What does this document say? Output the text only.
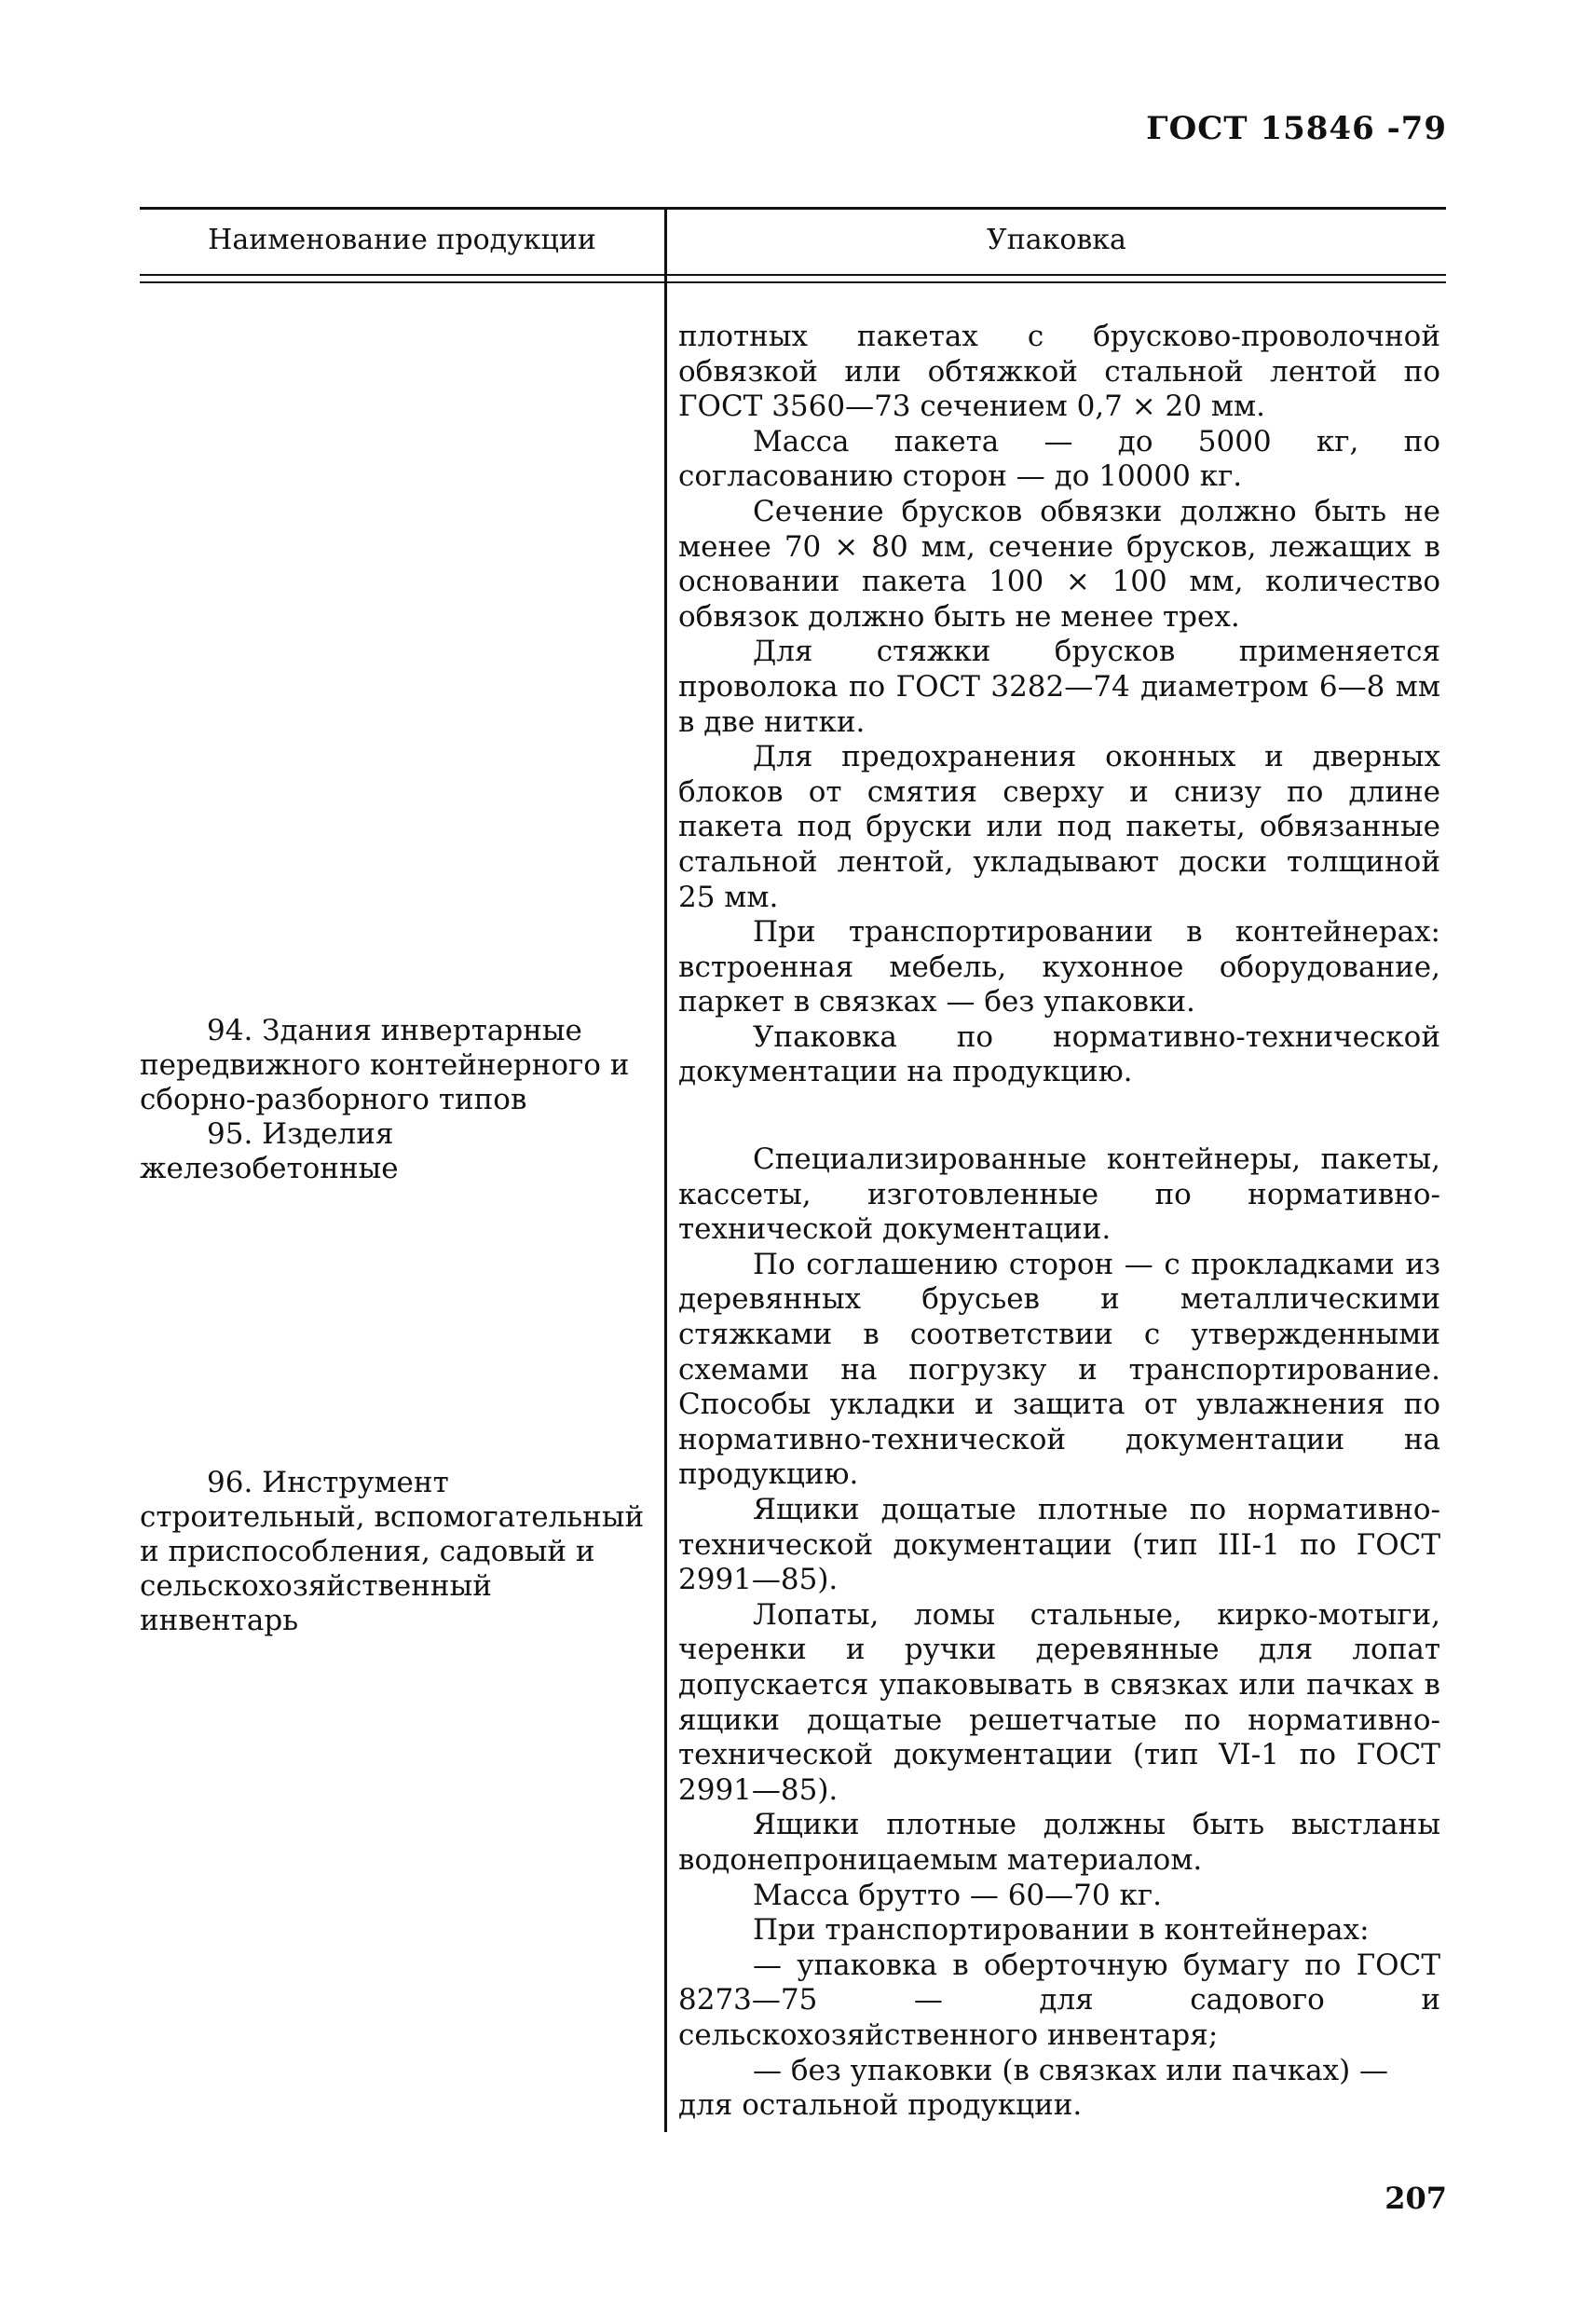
ГОСТ 15846 -79
Наименование продукции	Упаковка

94. Здания инвертарные передвижного контейнерного и сборно-разборного типов

95. Изделия железобетонные

96. Инструмент строительный, вспомогательный и приспособления, садовый и сельскохозяйственный инвентарь

плотных пакетах с брусково-проволочной обвязкой или обтяжкой стальной лентой по ГОСТ 3560—73 сечением 0,7 × 20 мм.

Масса пакета — до 5000 кг, по согласованию сторон — до 10000 кг.

Сечение брусков обвязки должно быть не менее 70 × 80 мм, сечение брусков, лежащих в основании пакета 100 × 100 мм, количество обвязок должно быть не менее трех.

Для стяжки брусков применяется проволока по ГОСТ 3282—74 диаметром 6—8 мм в две нитки.

Для предохранения оконных и дверных блоков от смятия сверху и снизу по длине пакета под бруски или под пакеты, обвязанные стальной лентой, укладывают доски толщиной 25 мм.

При транспортировании в контейнерах: встроенная мебель, кухонное оборудование, паркет в связках — без упаковки.

Упаковка по нормативно-технической документации на продукцию.

Специализированные контейнеры, пакеты, кассеты, изготовленные по нормативно-технической документации.

По соглашению сторон — с прокладками из деревянных брусьев и металлическими стяжками в соответствии с утвержденными схемами на погрузку и транспортирование. Способы укладки и защита от увлажнения по нормативно-технической документации на продукцию.

Ящики дощатые плотные по нормативно-технической документации (тип III-1 по ГОСТ 2991—85).

Лопаты, ломы стальные, кирко-мотыги, черенки и ручки деревянные для лопат допускается упаковывать в связках или пачках в ящики дощатые решетчатые по нормативно-технической документации (тип VI-1 по ГОСТ 2991—85).

Ящики плотные должны быть выстланы водонепроницаемым материалом.

Масса брутто — 60—70 кг.

При транспортировании в контейнерах:

— упаковка в оберточную бумагу по ГОСТ 8273—75 — для садового и сельскохозяйственного инвентаря;

— без упаковки (в связках или пачках) — для остальной продукции.

207
